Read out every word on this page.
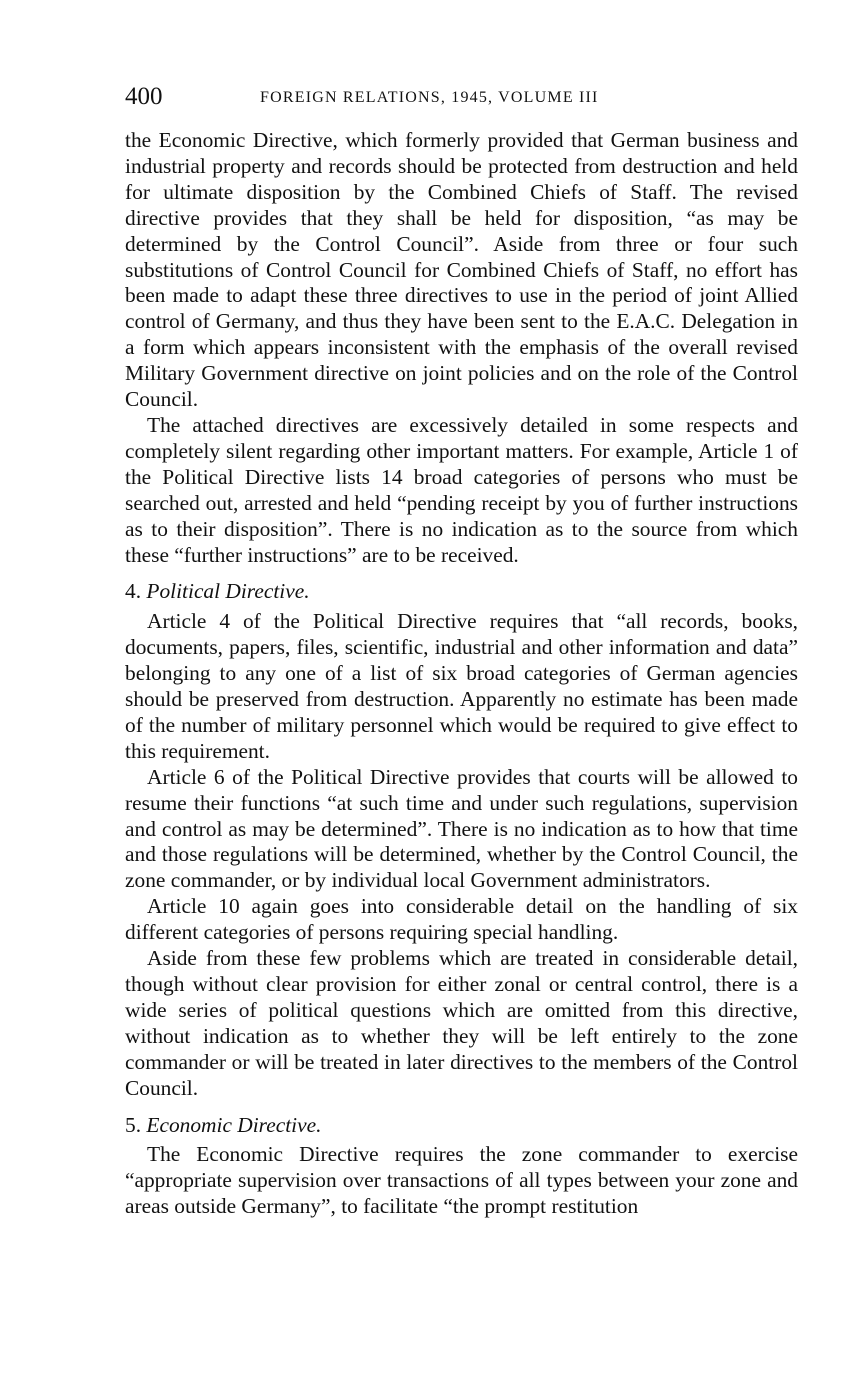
400	FOREIGN RELATIONS, 1945, VOLUME III

the Economic Directive, which formerly provided that German business and industrial property and records should be protected from destruction and held for ultimate disposition by the Combined Chiefs of Staff. The revised directive provides that they shall be held for disposition, “as may be determined by the Control Council”. Aside from three or four such substitutions of Control Council for Combined Chiefs of Staff, no effort has been made to adapt these three directives to use in the period of joint Allied control of Germany, and thus they have been sent to the E.A.C. Delegation in a form which appears inconsistent with the emphasis of the overall revised Military Government directive on joint policies and on the role of the Control Council.

The attached directives are excessively detailed in some respects and completely silent regarding other important matters. For example, Article 1 of the Political Directive lists 14 broad categories of persons who must be searched out, arrested and held “pending receipt by you of further instructions as to their disposition”. There is no indication as to the source from which these “further instructions” are to be received.

4. Political Directive.

Article 4 of the Political Directive requires that “all records, books, documents, papers, files, scientific, industrial and other information and data” belonging to any one of a list of six broad categories of German agencies should be preserved from destruction. Apparently no estimate has been made of the number of military personnel which would be required to give effect to this requirement.

Article 6 of the Political Directive provides that courts will be allowed to resume their functions “at such time and under such regulations, supervision and control as may be determined”. There is no indication as to how that time and those regulations will be determined, whether by the Control Council, the zone commander, or by individual local Government administrators.

Article 10 again goes into considerable detail on the handling of six different categories of persons requiring special handling.

Aside from these few problems which are treated in considerable detail, though without clear provision for either zonal or central control, there is a wide series of political questions which are omitted from this directive, without indication as to whether they will be left entirely to the zone commander or will be treated in later directives to the members of the Control Council.

5. Economic Directive.

The Economic Directive requires the zone commander to exercise “appropriate supervision over transactions of all types between your zone and areas outside Germany”, to facilitate “the prompt restitution
